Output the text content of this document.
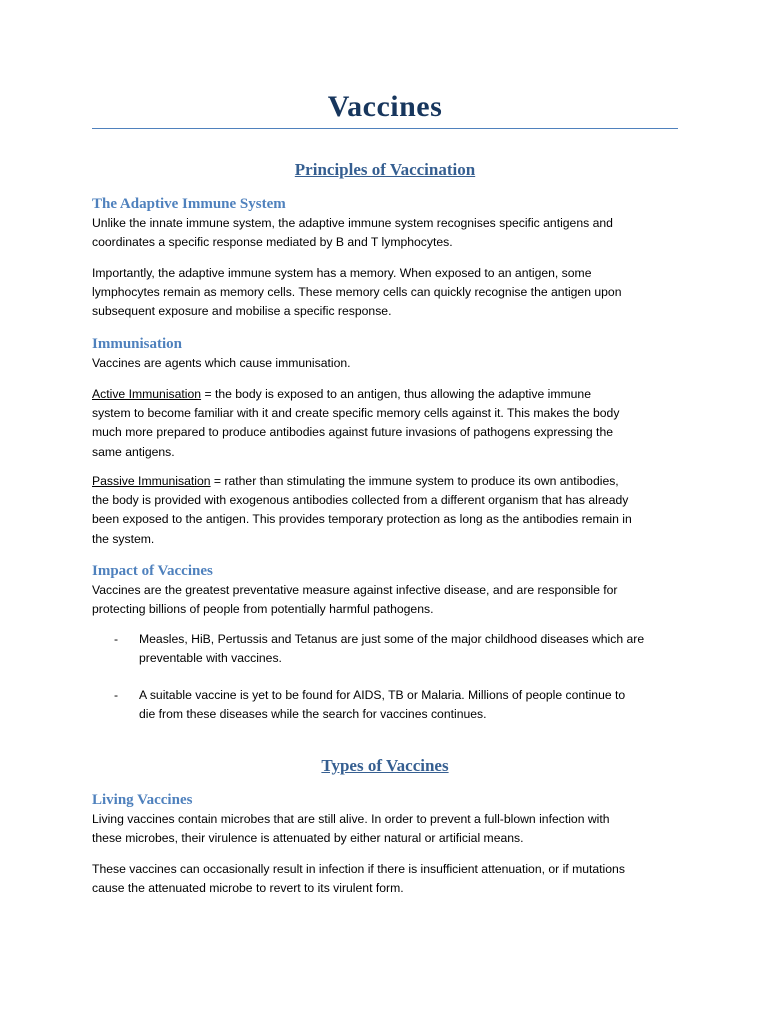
Vaccines
Principles of Vaccination
The Adaptive Immune System

Unlike the innate immune system, the adaptive immune system recognises specific antigens and
coordinates a specific response mediated by B and T lymphocytes.

Importantly, the adaptive immune system has a memory. When exposed to an antigen, some
lymphocytes remain as memory cells. These memory cells can quickly recognise the antigen upon
subsequent exposure and mobilise a specific response.

Immunisation

Vaccines are agents which cause immunisation.

Active Immunisation = the body is exposed to an antigen, thus allowing the adaptive immune
system to become familiar with it and create specific memory cells against it. This makes the body
much more prepared to produce antibodies against future invasions of pathogens expressing the
same antigens.

Passive Immunisation = rather than stimulating the immune system to produce its own antibodies,
the body is provided with exogenous antibodies collected from a different organism that has already
been exposed to the antigen. This provides temporary protection as long as the antibodies remain in
the system.

Impact of Vaccines

Vaccines are the greatest preventative measure against infective disease, and are responsible for
protecting billions of people from potentially harmful pathogens.

- Measles, HiB, Pertussis and Tetanus are just some of the major childhood diseases which are
preventable with vaccines.
- A suitable vaccine is yet to be found for AIDS, TB or Malaria. Millions of people continue to
die from these diseases while the search for vaccines continues.
Types of Vaccines
Living Vaccines

Living vaccines contain microbes that are still alive. In order to prevent a full-blown infection with
these microbes, their virulence is attenuated by either natural or artificial means.

These vaccines can occasionally result in infection if there is insufficient attenuation, or if mutations
cause the attenuated microbe to revert to its virulent form.
